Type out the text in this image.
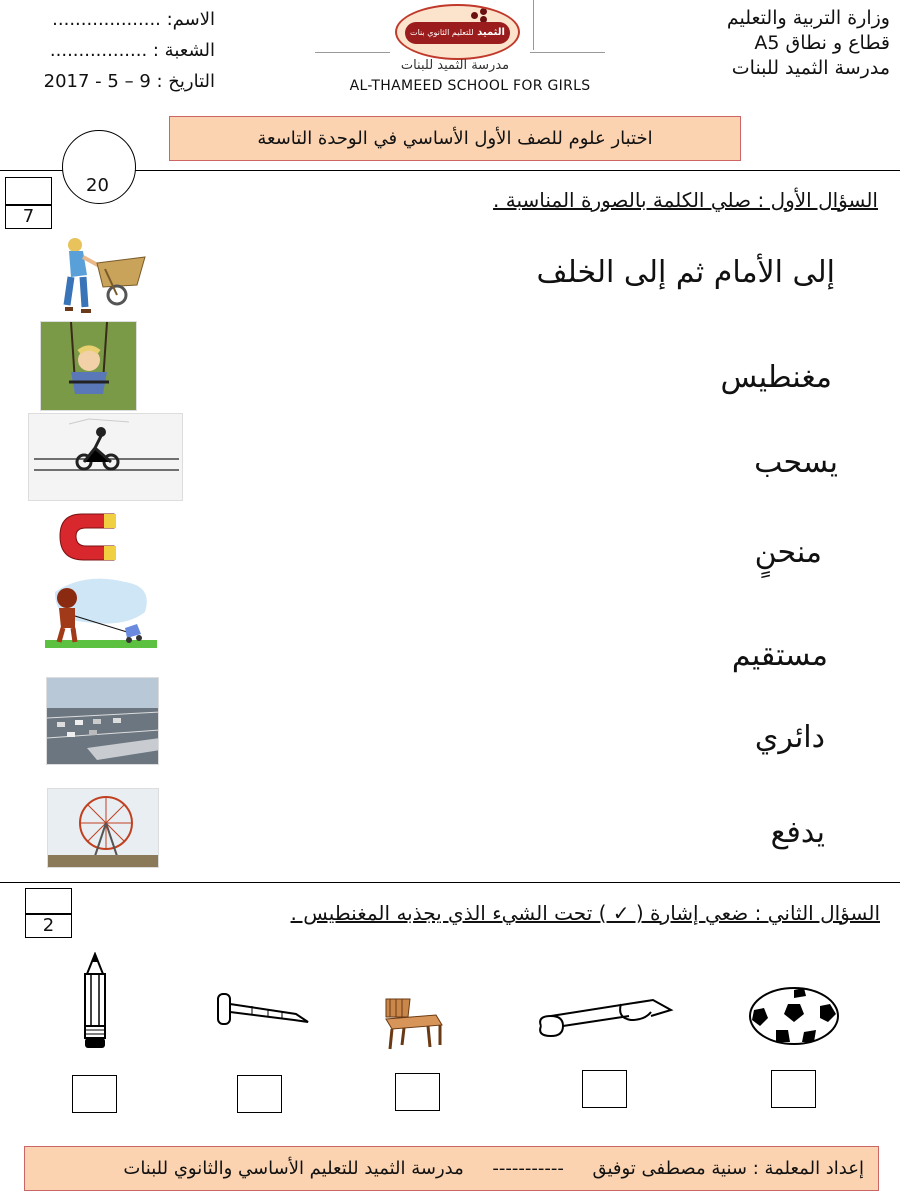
وزارة التربية والتعليم
قطاع و نطاق A5
مدرسة الثميد للبنات
الاسم: ...................
الشعبة : .................
التاريخ : 9 – 5 - 2017
الثميد للتعليم الثانوي بنات
مدرسة الثميد للبنات
AL-THAMEED SCHOOL FOR GIRLS
اختبار علوم للصف الأول الأساسي في الوحدة التاسعة
20
7
السؤال الأول : صلي الكلمة بالصورة المناسبة .
إلى الأمام ثم إلى الخلف
مغنطيس
يسحب
منحنٍ
مستقيم
دائري
يدفع
2
السؤال الثاني : ضعي إشارة ( ✓ ) تحت الشيء الذي يجذبه المغنطيس .
إعداد المعلمة : سنية مصطفى توفيق     -----------     مدرسة الثميد للتعليم الأساسي والثانوي للبنات
